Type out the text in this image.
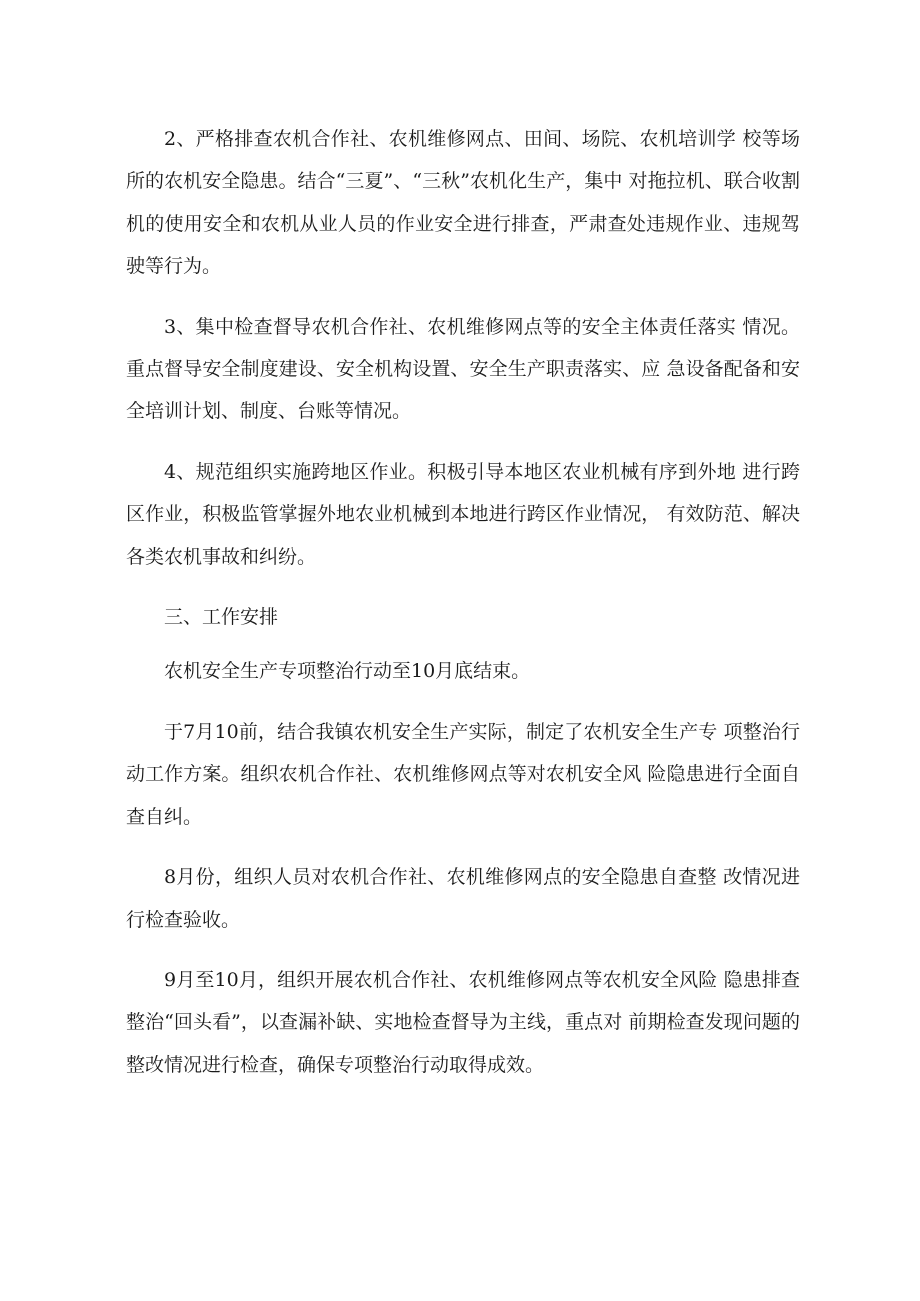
2、严格排查农机合作社、农机维修网点、田间、场院、农机培训学 校等场所的农机安全隐患。结合“三夏”、“三秋”农机化生产，集中 对拖拉机、联合收割机的使用安全和农机从业人员的作业安全进行排查，严肃查处违规作业、违规驾驶等行为。

3、集中检查督导农机合作社、农机维修网点等的安全主体责任落实 情况。重点督导安全制度建设、安全机构设置、安全生产职责落实、应 急设备配备和安全培训计划、制度、台账等情况。

4、规范组织实施跨地区作业。积极引导本地区农业机械有序到外地 进行跨区作业，积极监管掌握外地农业机械到本地进行跨区作业情况， 有效防范、解决各类农机事故和纠纷。

三、工作安排

农机安全生产专项整治行动至10月底结束。

于7月10前，结合我镇农机安全生产实际，制定了农机安全生产专 项整治行动工作方案。组织农机合作社、农机维修网点等对农机安全风 险隐患进行全面自查自纠。

8月份，组织人员对农机合作社、农机维修网点的安全隐患自查整 改情况进行检查验收。

9月至10月，组织开展农机合作社、农机维修网点等农机安全风险 隐患排查整治“回头看”，以查漏补缺、实地检查督导为主线，重点对 前期检查发现问题的整改情况进行检查，确保专项整治行动取得成效。
